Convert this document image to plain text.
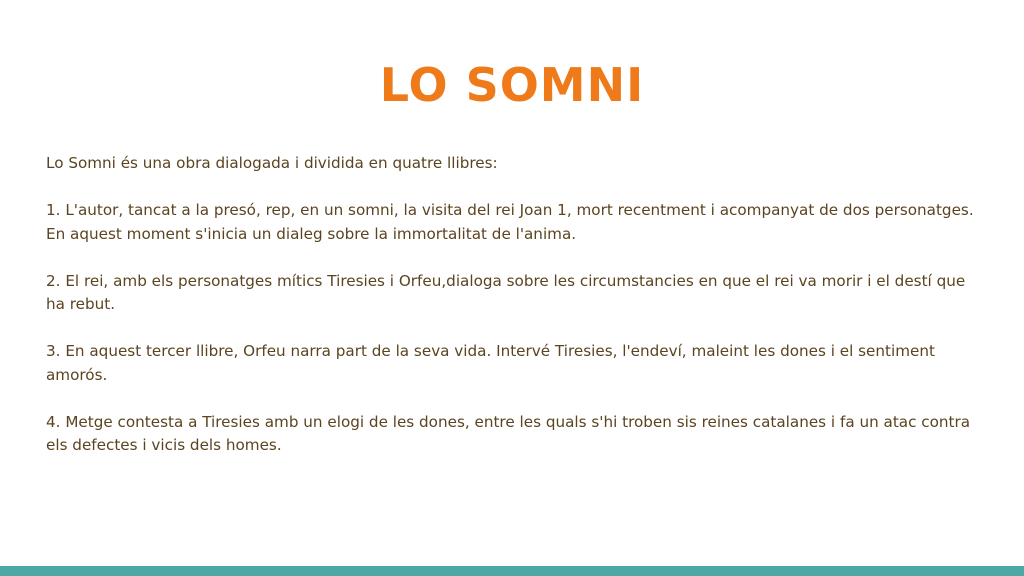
LO SOMNI

Lo Somni és una obra dialogada i dividida en quatre llibres:

1. L'autor, tancat a la presó, rep, en un somni, la visita del rei Joan 1, mort recentment i acompanyat de dos personatges. En aquest moment s'inicia un dialeg sobre la immortalitat de l'anima.

2. El rei, amb els personatges mítics Tiresies i Orfeu,dialoga sobre les circumstancies en que el rei va morir i el destí que ha rebut.

3. En aquest tercer llibre, Orfeu narra part de la seva vida. Intervé Tiresies, l'endeví, maleint les dones i el sentiment amorós.

4. Metge contesta a Tiresies amb un elogi de les dones, entre les quals s'hi troben sis reines catalanes i fa un atac contra els defectes i vicis dels homes.
